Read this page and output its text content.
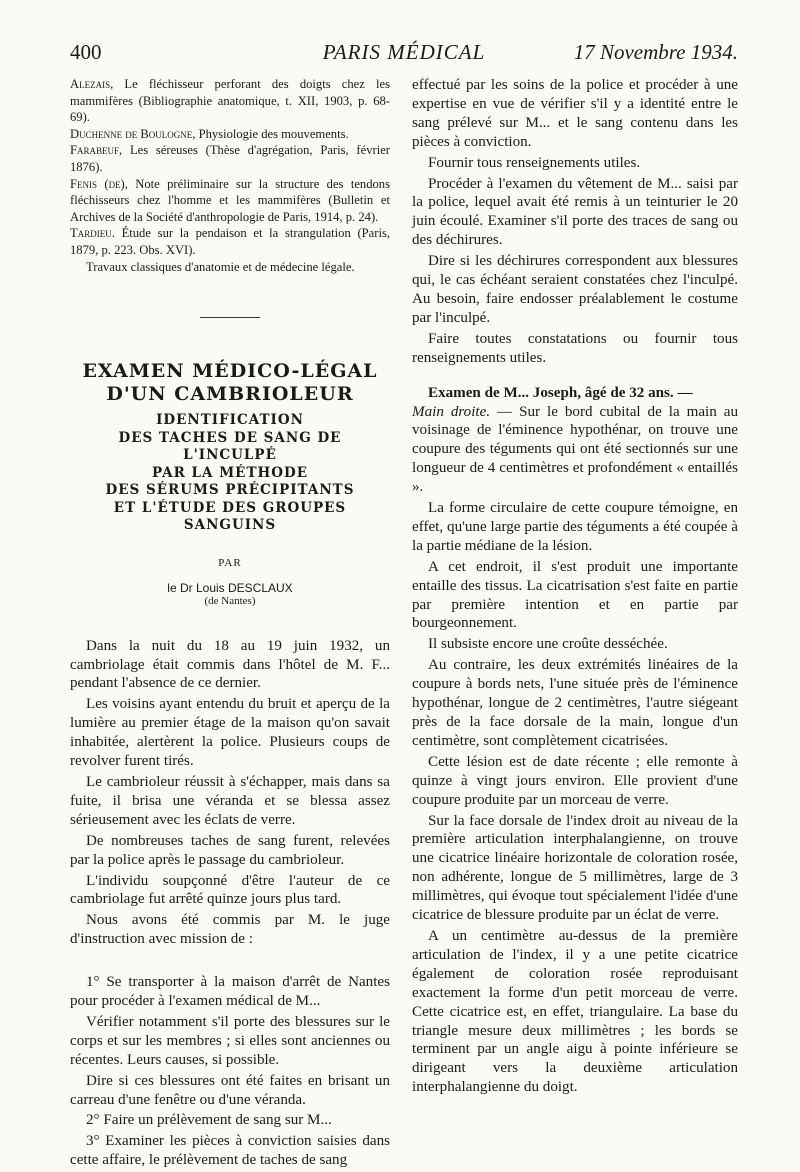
400	PARIS MÉDICAL	17 Novembre 1934.
Alezais, Le fléchisseur perforant des doigts chez les mammifères (Bibliographie anatomique, t. XII, 1903, p. 68-69).
Duchenne de Boulogne, Physiologie des mouvements.
Farabeuf, Les séreuses (Thèse d'agrégation, Paris, février 1876).
Fenis (de), Note préliminaire sur la structure des tendons fléchisseurs chez l'homme et les mammifères (Bulletin et Archives de la Société d'anthropologie de Paris, 1914, p. 24).
Tardieu. Étude sur la pendaison et la strangulation (Paris, 1879, p. 223. Obs. XVI).
Travaux classiques d'anatomie et de médecine légale.
EXAMEN MÉDICO-LÉGAL
D'UN CAMBRIOLEUR
IDENTIFICATION
DES TACHES DE SANG DE L'INCULPÉ
PAR LA MÉTHODE
DES SÉRUMS PRÉCIPITANTS
ET L'ÉTUDE DES GROUPES SANGUINS
PAR
le Dr Louis DESCLAUX
(de Nantes)

Dans la nuit du 18 au 19 juin 1932, un cambriolage était commis dans l'hôtel de M. F... pendant l'absence de ce dernier.

Les voisins ayant entendu du bruit et aperçu de la lumière au premier étage de la maison qu'on savait inhabitée, alertèrent la police. Plusieurs coups de revolver furent tirés.

Le cambrioleur réussit à s'échapper, mais dans sa fuite, il brisa une véranda et se blessa assez sérieusement avec les éclats de verre.

De nombreuses taches de sang furent, relevées par la police après le passage du cambrioleur.

L'individu soupçonné d'être l'auteur de ce cambriolage fut arrêté quinze jours plus tard.

Nous avons été commis par M. le juge d'instruction avec mission de :

1° Se transporter à la maison d'arrêt de Nantes pour procéder à l'examen médical de M...

Vérifier notamment s'il porte des blessures sur le corps et sur les membres ; si elles sont anciennes ou récentes. Leurs causes, si possible.

Dire si ces blessures ont été faites en brisant un carreau d'une fenêtre ou d'une véranda.

2° Faire un prélèvement de sang sur M...

3° Examiner les pièces à conviction saisies dans cette affaire, le prélèvement de taches de sang

effectué par les soins de la police et procéder à une expertise en vue de vérifier s'il y a identité entre le sang prélevé sur M... et le sang contenu dans les pièces à conviction.

Fournir tous renseignements utiles.

Procéder à l'examen du vêtement de M... saisi par la police, lequel avait été remis à un teinturier le 20 juin écoulé. Examiner s'il porte des traces de sang ou des déchirures.

Dire si les déchirures correspondent aux blessures qui, le cas échéant seraient constatées chez l'inculpé. Au besoin, faire endosser préalablement le costume par l'inculpé.

Faire toutes constatations ou fournir tous renseignements utiles.

Examen de M... Joseph, âgé de 32 ans. —
Main droite. — Sur le bord cubital de la main au voisinage de l'éminence hypothénar, on trouve une coupure des téguments qui ont été sectionnés sur une longueur de 4 centimètres et profondément « entaillés ».

La forme circulaire de cette coupure témoigne, en effet, qu'une large partie des téguments a été coupée à la partie médiane de la lésion.

A cet endroit, il s'est produit une importante entaille des tissus. La cicatrisation s'est faite en partie par première intention et en partie par bourgeonnement.

Il subsiste encore une croûte desséchée.

Au contraire, les deux extrémités linéaires de la coupure à bords nets, l'une située près de l'éminence hypothénar, longue de 2 centimètres, l'autre siégeant près de la face dorsale de la main, longue d'un centimètre, sont complètement cicatrisées.

Cette lésion est de date récente ; elle remonte à quinze à vingt jours environ. Elle provient d'une coupure produite par un morceau de verre.

Sur la face dorsale de l'index droit au niveau de la première articulation interphalangienne, on trouve une cicatrice linéaire horizontale de coloration rosée, non adhérente, longue de 5 millimètres, large de 3 millimètres, qui évoque tout spécialement l'idée d'une cicatrice de blessure produite par un éclat de verre.

A un centimètre au-dessus de la première articulation de l'index, il y a une petite cicatrice également de coloration rosée reproduisant exactement la forme d'un petit morceau de verre. Cette cicatrice est, en effet, triangulaire. La base du triangle mesure deux millimètres ; les bords se terminent par un angle aigu à pointe inférieure se dirigeant vers la deuxième articulation interphalangienne du doigt.
